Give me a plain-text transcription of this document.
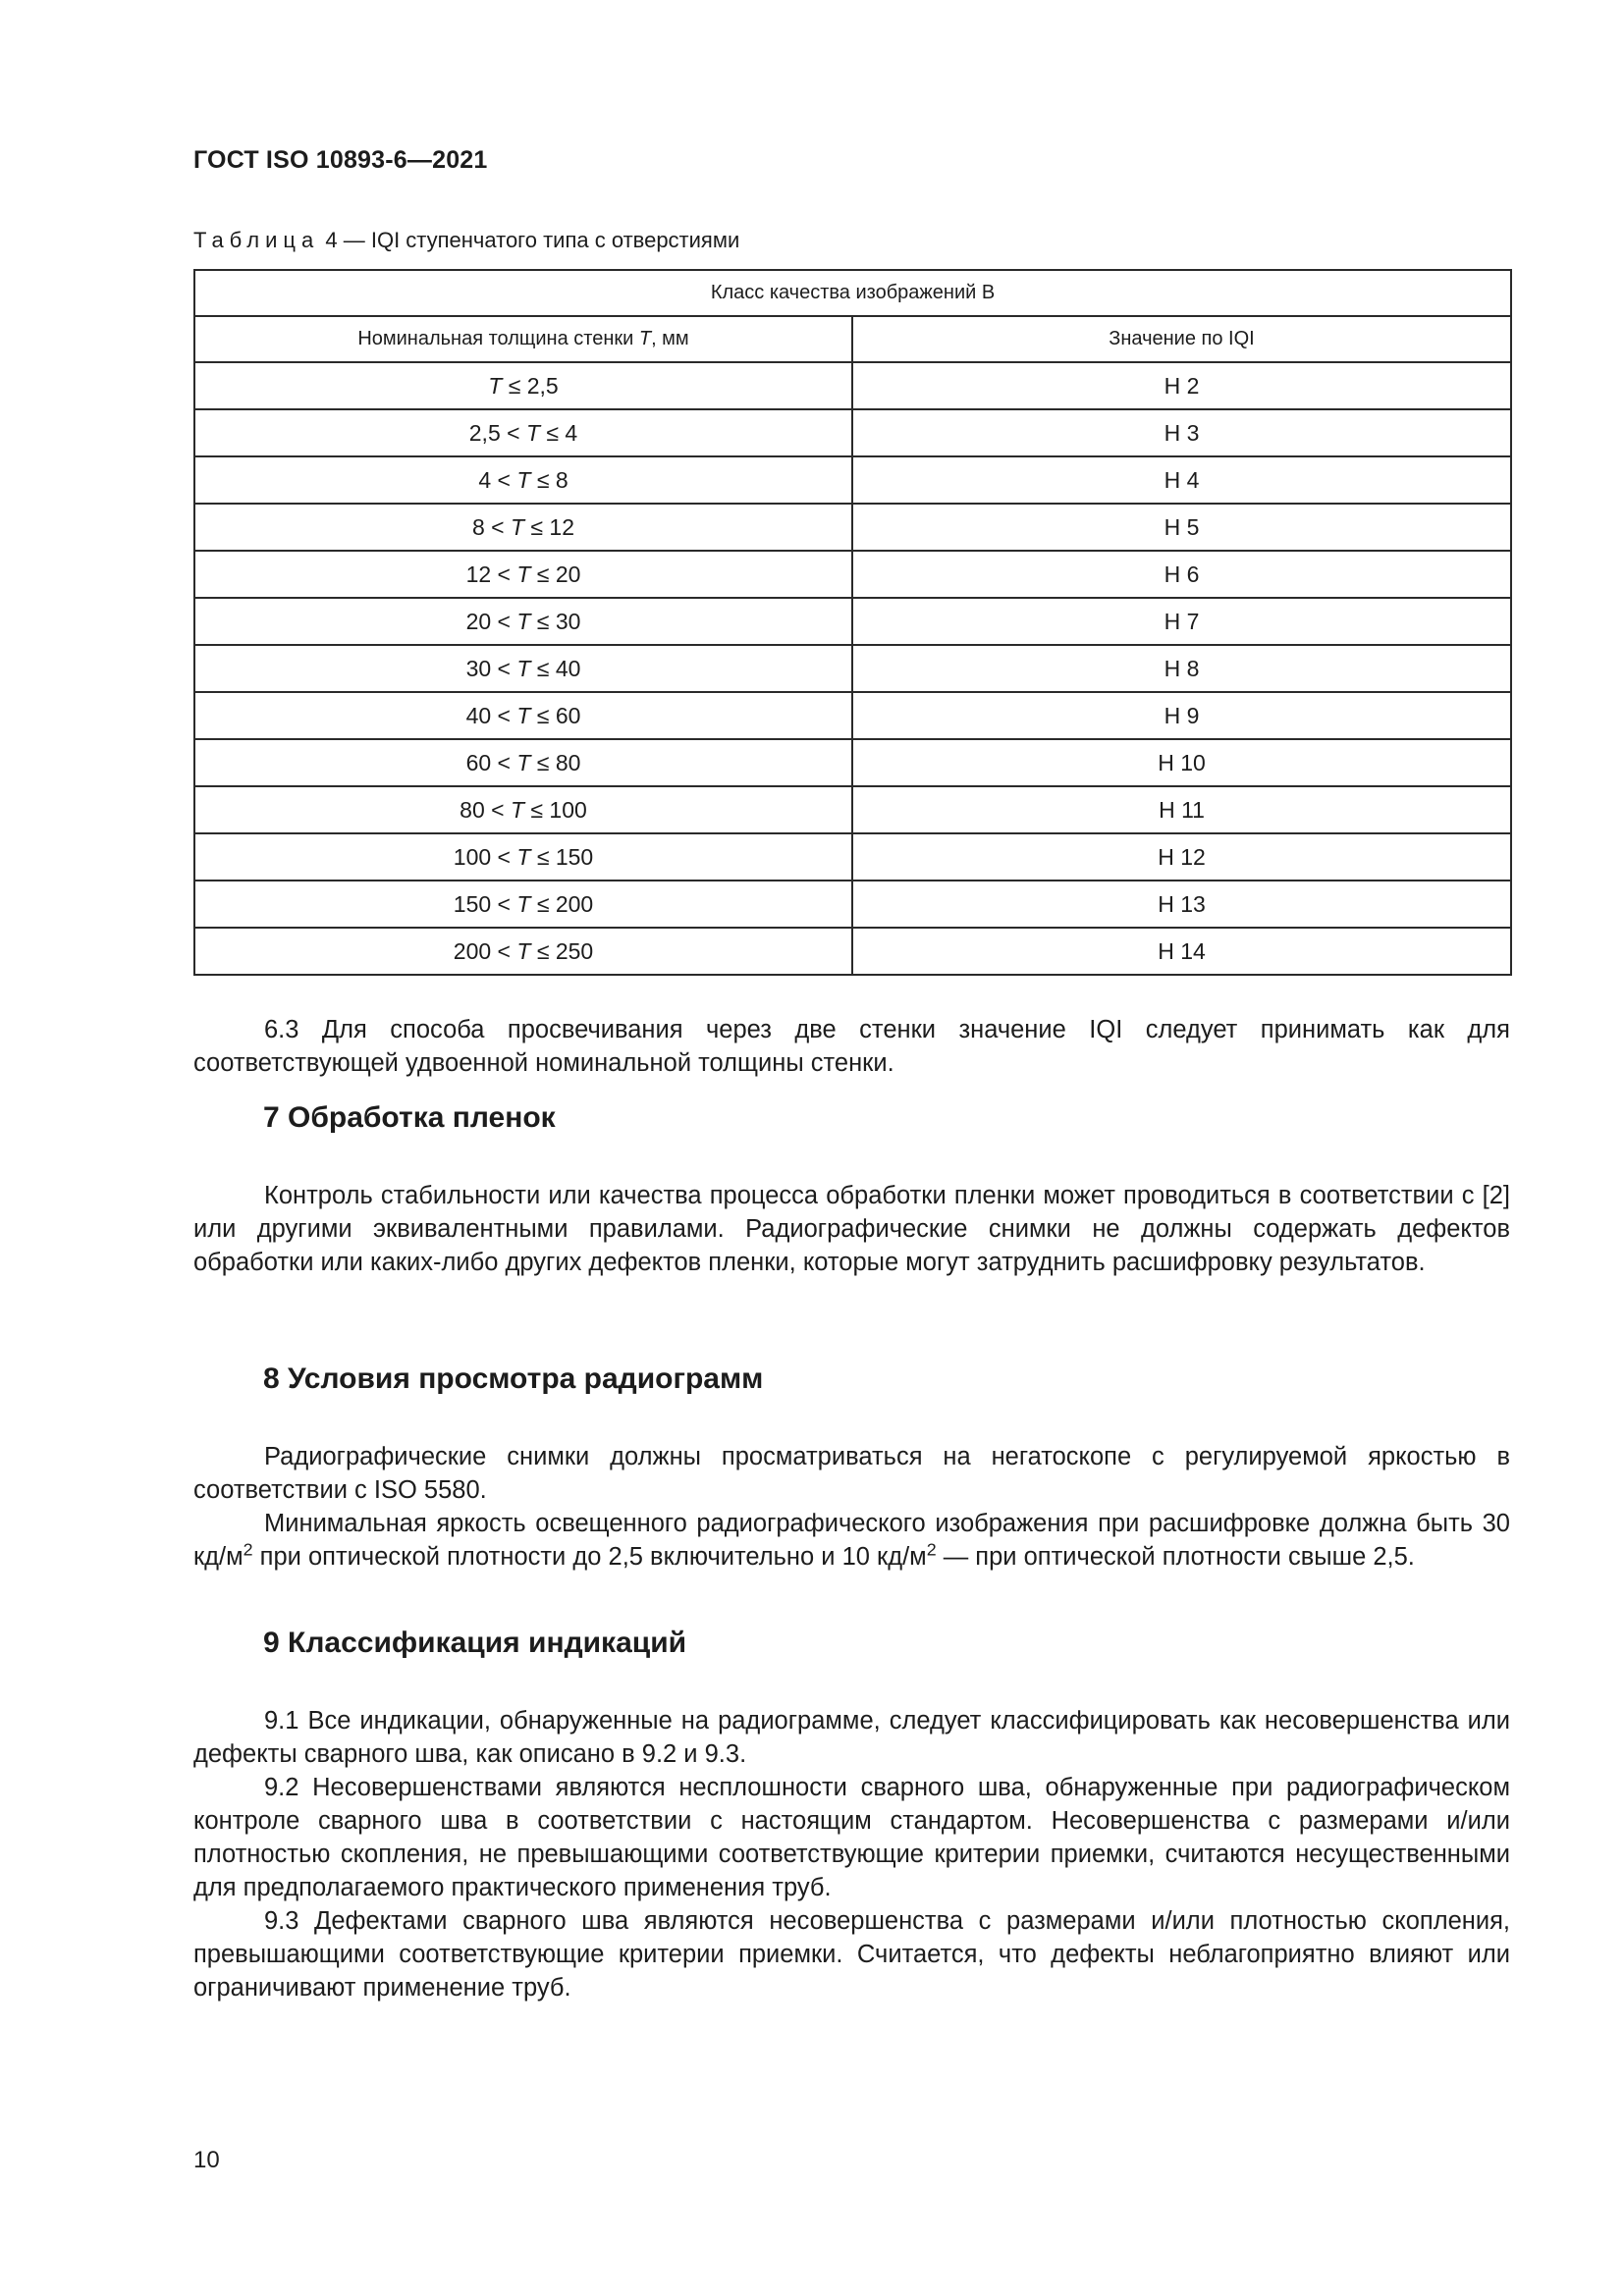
ГОСТ ISO 10893-6—2021
Таблица 4 — IQI ступенчатого типа с отверстиями
Класс качества изображений B	
Номинальная толщина стенки T, мм	Значение по IQI
T ≤ 2,5	H 2
2,5 < T ≤ 4	H 3
4 < T ≤ 8	H 4
8 < T ≤ 12	H 5
12 < T ≤ 20	H 6
20 < T ≤ 30	H 7
30 < T ≤ 40	H 8
40 < T ≤ 60	H 9
60 < T ≤ 80	H 10
80 < T ≤ 100	H 11
100 < T ≤ 150	H 12
150 < T ≤ 200	H 13
200 < T ≤ 250	H 14

6.3 Для способа просвечивания через две стенки значение IQI следует принимать как для соответствующей удвоенной номинальной толщины стенки.

7 Обработка пленок

Контроль стабильности или качества процесса обработки пленки может проводиться в соответствии с [2] или другими эквивалентными правилами. Радиографические снимки не должны содержать дефектов обработки или каких-либо других дефектов пленки, которые могут затруднить расшифровку результатов.

8 Условия просмотра радиограмм

Радиографические снимки должны просматриваться на негатоскопе с регулируемой яркостью в соответствии с ISO 5580.

Минимальная яркость освещенного радиографического изображения при расшифровке должна быть 30 $кд/м^2$ при оптической плотности до 2,5 включительно и 10 $кд/м^2$ — при оптической плотности свыше 2,5.

9 Классификация индикаций

9.1 Все индикации, обнаруженные на радиограмме, следует классифицировать как несовершенства или дефекты сварного шва, как описано в 9.2 и 9.3.

9.2 Несовершенствами являются несплошности сварного шва, обнаруженные при радиографическом контроле сварного шва в соответствии с настоящим стандартом. Несовершенства с размерами и/или плотностью скопления, не превышающими соответствующие критерии приемки, считаются несущественными для предполагаемого практического применения труб.

9.3 Дефектами сварного шва являются несовершенства с размерами и/или плотностью скопления, превышающими соответствующие критерии приемки. Считается, что дефекты неблагоприятно влияют или ограничивают применение труб.

10
